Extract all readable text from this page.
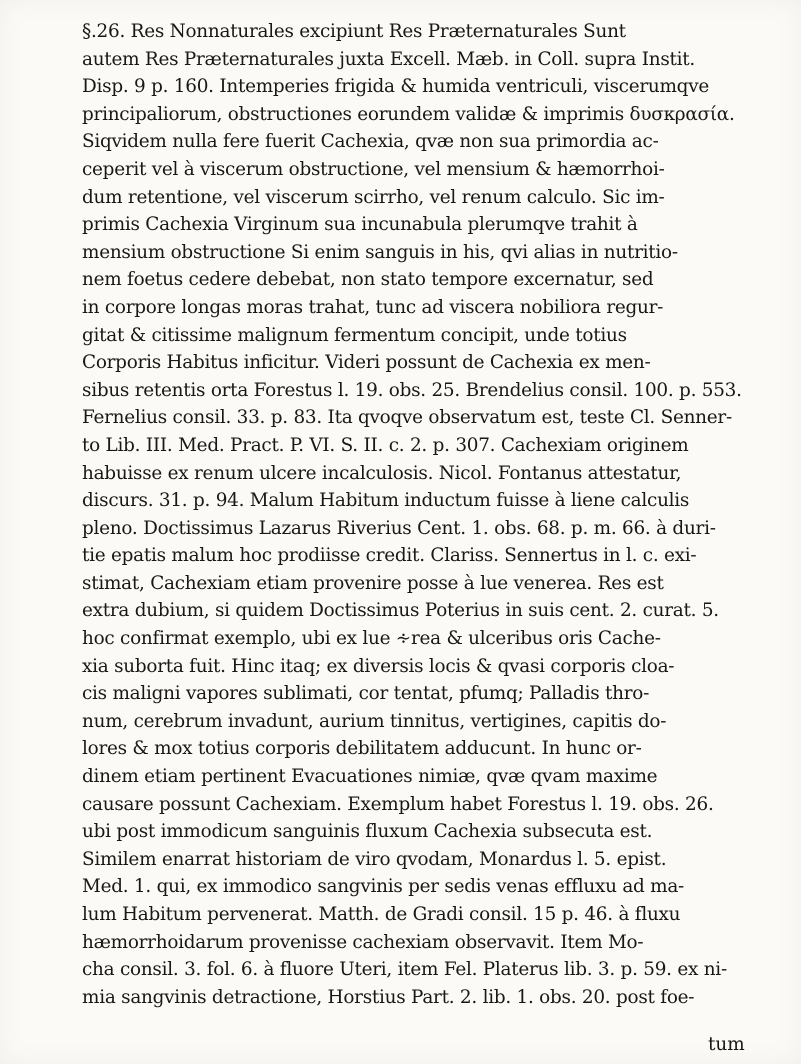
§.26. Res Nonnaturales excipiunt Res Præternaturales Sunt
autem Res Præternaturales juxta Excell. Mæb. in Coll. supra Instit.
Disp. 9 p. 160. Intemperies frigida & humida ventriculi, viscerumqve
principaliorum, obstructiones eorundem validæ & imprimis δυσκρασία.
Siqvidem nulla fere fuerit Cachexia, qvæ non sua primordia ac-
ceperit vel à viscerum obstructione, vel mensium & hæmorrhoi-
dum retentione, vel viscerum scirrho, vel renum calculo. Sic im-
primis Cachexia Virginum sua incunabula plerumqve trahit à
mensium obstructione Si enim sanguis in his, qvi alias in nutritio-
nem foetus cedere debebat, non stato tempore excernatur, sed
in corpore longas moras trahat, tunc ad viscera nobiliora regur-
gitat & citissime malignum fermentum concipit, unde totius
Corporis Habitus inficitur. Videri possunt de Cachexia ex men-
sibus retentis orta Forestus l. 19. obs. 25. Brendelius consil. 100. p. 553.
Fernelius consil. 33. p. 83. Ita qvoqve observatum est, teste Cl. Senner-
to Lib. III. Med. Pract. P. VI. S. II. c. 2. p. 307. Cachexiam originem
habuisse ex renum ulcere incalculosis. Nicol. Fontanus attestatur,
discurs. 31. p. 94. Malum Habitum inductum fuisse à liene calculis
pleno. Doctissimus Lazarus Riverius Cent. 1. obs. 68. p. m. 66. à duri-
tie epatis malum hoc prodiisse credit. Clariss. Sennertus in l. c. exi-
stimat, Cachexiam etiam provenire posse à lue venerea. Res est
extra dubium, si quidem Doctissimus Poterius in suis cent. 2. curat. 5.
hoc confirmat exemplo, ubi ex lue ∻rea & ulceribus oris Cache-
xia suborta fuit. Hinc itaq; ex diversis locis & qvasi corporis cloa-
cis maligni vapores sublimati, cor tentat, pfumq; Palladis thro-
num, cerebrum invadunt, aurium tinnitus, vertigines, capitis do-
lores & mox totius corporis debilitatem adducunt. In hunc or-
dinem etiam pertinent Evacuationes nimiæ, qvæ qvam maxime
causare possunt Cachexiam. Exemplum habet Forestus l. 19. obs. 26.
ubi post immodicum sanguinis fluxum Cachexia subsecuta est.
Similem enarrat historiam de viro qvodam, Monardus l. 5. epist.
Med. 1. qui, ex immodico sangvinis per sedis venas effluxu ad ma-
lum Habitum pervenerat. Matth. de Gradi consil. 15 p. 46. à fluxu
hæmorrhoidarum provenisse cachexiam observavit. Item Mo-
cha consil. 3. fol. 6. à fluore Uteri, item Fel. Platerus lib. 3. p. 59. ex ni-
mia sangvinis detractione, Horstius Part. 2. lib. 1. obs. 20. post foe-
tum
